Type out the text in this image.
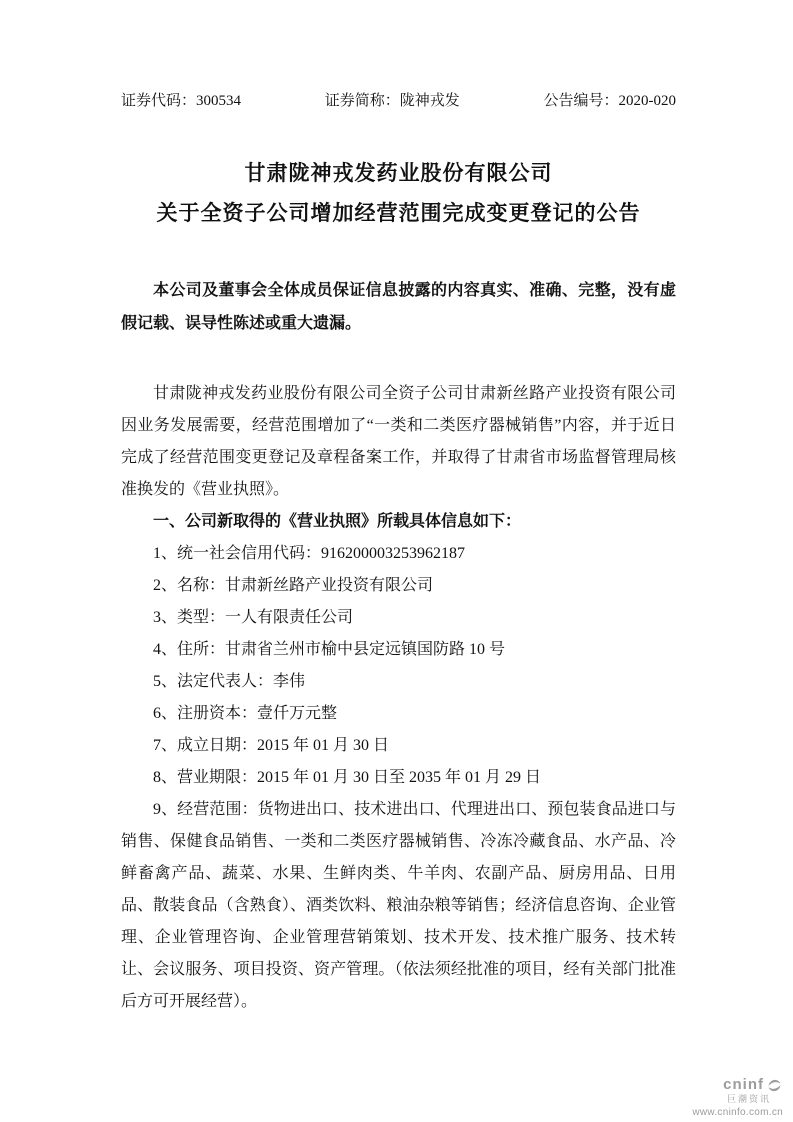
证券代码：300534	证券简称：陇神戎发	公告编号：2020-020
甘肃陇神戎发药业股份有限公司
关于全资子公司增加经营范围完成变更登记的公告

本公司及董事会全体成员保证信息披露的内容真实、准确、完整，没有虚假记载、误导性陈述或重大遗漏。

甘肃陇神戎发药业股份有限公司全资子公司甘肃新丝路产业投资有限公司因业务发展需要，经营范围增加了“一类和二类医疗器械销售”内容，并于近日完成了经营范围变更登记及章程备案工作，并取得了甘肃省市场监督管理局核准换发的《营业执照》。

一、公司新取得的《营业执照》所载具体信息如下：

1、统一社会信用代码：916200003253962187
2、名称：甘肃新丝路产业投资有限公司
3、类型：一人有限责任公司
4、住所：甘肃省兰州市榆中县定远镇国防路 10 号
5、法定代表人：李伟
6、注册资本：壹仟万元整
7、成立日期：2015 年 01 月 30 日
8、营业期限：2015 年 01 月 30 日至 2035 年 01 月 29 日

9、经营范围：货物进出口、技术进出口、代理进出口、预包装食品进口与销售、保健食品销售、一类和二类医疗器械销售、冷冻冷藏食品、水产品、冷鲜畜禽产品、蔬菜、水果、生鲜肉类、牛羊肉、农副产品、厨房用品、日用品、散装食品（含熟食）、酒类饮料、粮油杂粮等销售；经济信息咨询、企业管理、企业管理咨询、企业管理营销策划、技术开发、技术推广服务、技术转让、会议服务、项目投资、资产管理。（依法须经批准的项目，经有关部门批准后方可开展经营）。

cninf
巨潮资讯
www.cninfo.com.cn
